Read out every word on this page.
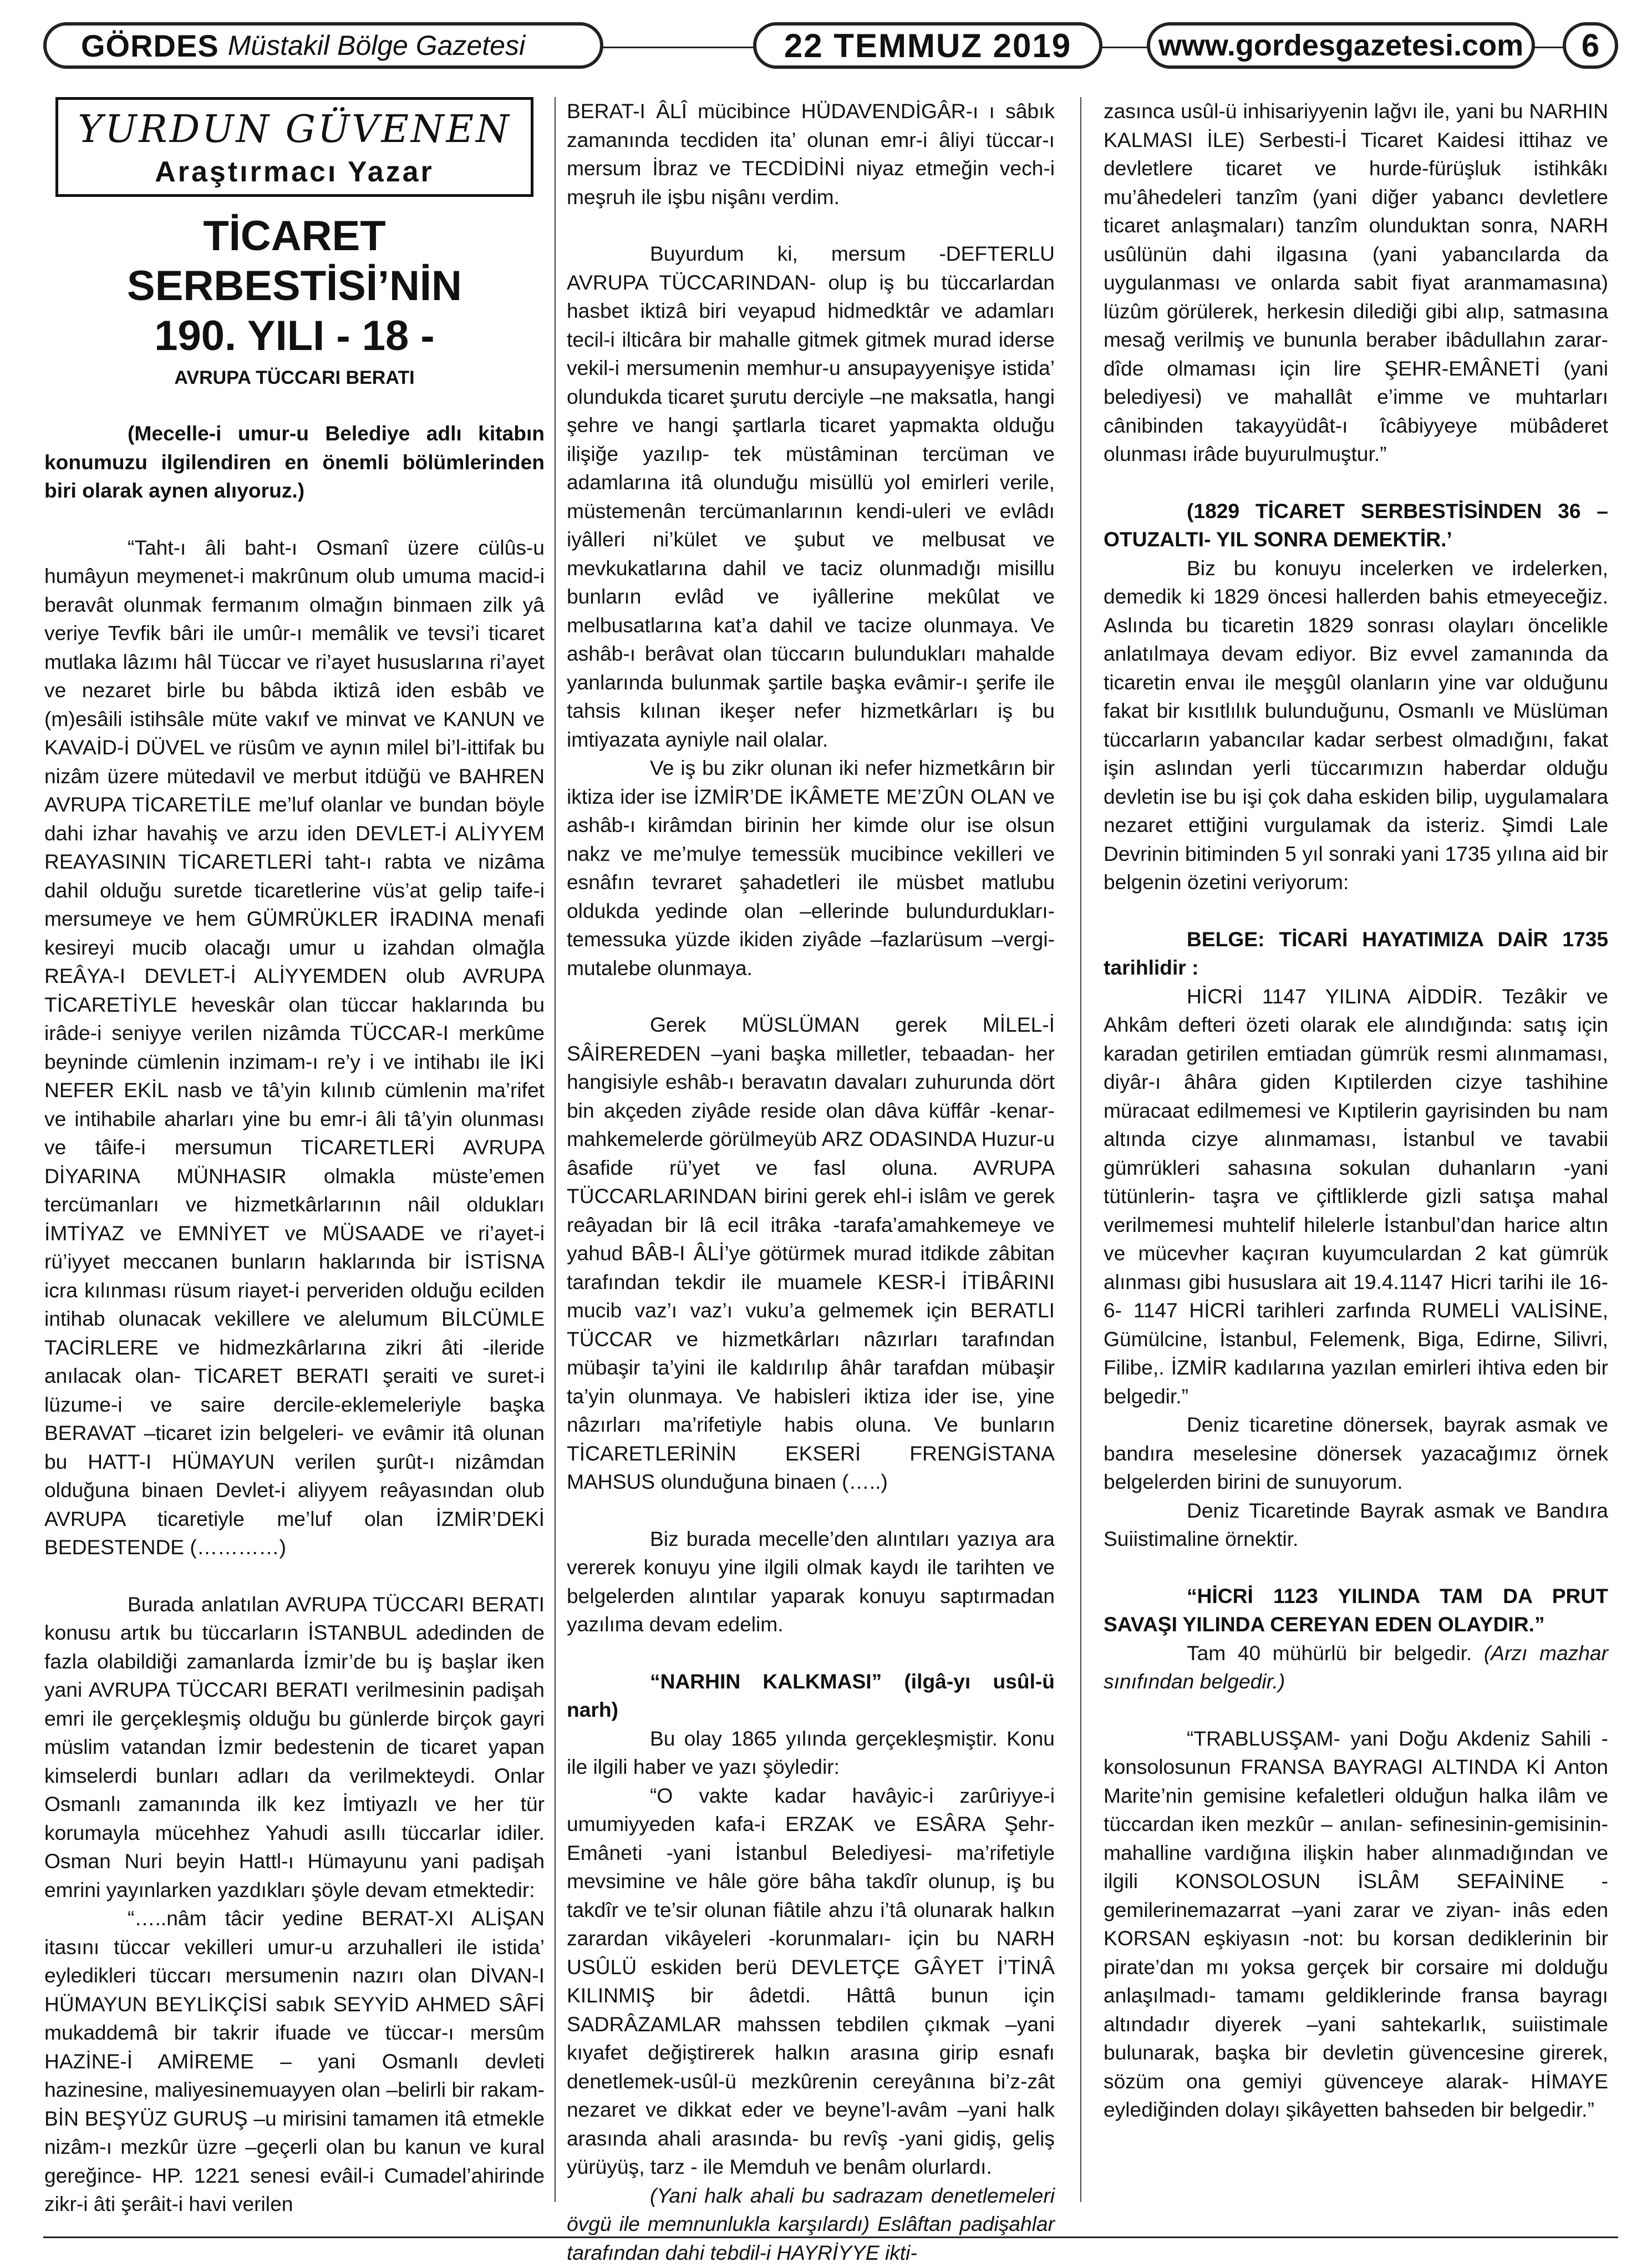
GÖRDES Müstakil Bölge Gazetesi	22 TEMMUZ 2019	www.gordesgazetesi.com 6
YURDUN GÜVENEN
Araştırmacı Yazar
TİCARET SERBESTİSİ’NİN
190. YILI - 18 -
AVRUPA TÜCCARI BERATI

(Mecelle-i umur-u Belediye adlı kitabın konumuzu ilgilendiren en önemli bölümlerinden biri olarak aynen alıyoruz.)

“Taht-ı âli baht-ı Osmanî üzere cülûs-u humâyun meymenet-i makrûnum olub umuma macid-i beravât olunmak fermanım olmağın binmaen zilk yâ veriye Tevfik bâri ile umûr-ı memâlik ve tevsi’i ticaret mutlaka lâzımı hâl Tüccar ve ri’ayet hususlarına ri’ayet ve nezaret birle bu bâbda iktizâ iden esbâb ve (m)esâili istihsâle müte vakıf ve minvat ve KANUN ve KAVAİD-İ DÜVEL ve rüsûm ve aynın milel bi’l-ittifak bu nizâm üzere mütedavil ve merbut itdüğü ve BAHREN AVRUPA TİCARETİLE me’luf olanlar ve bundan böyle dahi izhar havahiş ve arzu iden DEVLET-İ ALİYYEM REAYASININ TİCARETLERİ taht-ı rabta ve nizâma dahil olduğu suretde ticaretlerine vüs’at gelip taife-i mersumeye ve hem GÜMRÜKLER İRADINA menafi kesireyi mucib olacağı umur u izahdan olmağla REÂYA-I DEVLET-İ ALİYYEMDEN olub AVRUPA TİCARETİYLE heveskâr olan tüccar haklarında bu irâde-i seniyye verilen nizâmda TÜCCAR-I merkûme beyninde cümlenin inzimam-ı re’y i ve intihabı ile İKİ NEFER EKİL nasb ve tâ’yin kılınıb cümlenin ma’rifet ve intihabile aharları yine bu emr-i âli tâ’yin olunması ve tâife-i mersumun TİCARETLERİ AVRUPA DİYARINA MÜNHASIR olmakla müste’emen tercümanları ve hizmetkârlarının nâil oldukları İMTİYAZ ve EMNİYET ve MÜSAADE ve ri’ayet-i rü’iyyet meccanen bunların haklarında bir İSTİSNA icra kılınması rüsum riayet-i perveriden olduğu ecilden intihab olunacak vekillere ve alelumum BİLCÜMLE TACİRLERE ve hidmezkârlarına zikri âti -ileride anılacak olan- TİCARET BERATI şeraiti ve suret-i lüzume-i ve saire dercile-eklemeleriyle başka BERAVAT –ticaret izin belgeleri- ve evâmir itâ olunan bu HATT-I HÜMAYUN verilen şurût-ı nizâmdan olduğuna binaen Devlet-i aliyyem reâyasından olub AVRUPA ticaretiyle me’luf olan İZMİR’DEKİ BEDESTENDE (…………)

Burada anlatılan AVRUPA TÜCCARI BERATI konusu artık bu tüccarların İSTANBUL adedinden de fazla olabildiği zamanlarda İzmir’de bu iş başlar iken yani AVRUPA TÜCCARI BERATI verilmesinin padişah emri ile gerçekleşmiş olduğu bu günlerde birçok gayri müslim vatandan İzmir bedestenin de ticaret yapan kimselerdi bunları adları da verilmekteydi. Onlar Osmanlı zamanında ilk kez İmtiyazlı ve her tür korumayla mücehhez Yahudi asıllı tüccarlar idiler. Osman Nuri beyin Hattl-ı Hümayunu yani padişah emrini yayınlarken yazdıkları şöyle devam etmektedir:

“…..nâm tâcir yedine BERAT-XI ALİŞAN itasını tüccar vekilleri umur-u arzuhalleri ile istida’ eyledikleri tüccarı mersumenin nazırı olan DİVAN-I HÜMAYUN BEYLİKÇİSİ sabık SEYYİD AHMED SÂFİ mukaddemâ bir takrir ifuade ve tüccar-ı mersûm HAZİNE-İ AMİREME – yani Osmanlı devleti hazinesine, maliyesinemuayyen olan –belirli bir rakam- BİN BEŞYÜZ GURUŞ –u mirisini tamamen itâ etmekle nizâm-ı mezkûr üzre –geçerli olan bu kanun ve kural gereğince- HP. 1221 senesi evâil-i Cumadel’ahirinde zikr-i âti şerâit-i havi verilen

BERAT-I ÂLÎ mücibince HÜDAVENDİGÂR-ı ı sâbık zamanında tecdiden ita’ olunan emr-i âliyi tüccar-ı mersum İbraz ve TECDİDİNİ niyaz etmeğin vech-i meşruh ile işbu nişânı verdim.

Buyurdum ki, mersum -DEFTERLU AVRUPA TÜCCARINDAN- olup iş bu tüccarlardan hasbet iktizâ biri veyapud hidmedktâr ve adamları tecil-i ilticâra bir mahalle gitmek gitmek murad iderse vekil-i mersumenin memhur-u ansupayyenişye istida’ olundukda ticaret şurutu derciyle –ne maksatla, hangi şehre ve hangi şartlarla ticaret yapmakta olduğu ilişiğe yazılıp- tek müstâminan tercüman ve adamlarına itâ olunduğu misüllü yol emirleri verile, müstemenân tercümanlarının kendi-uleri ve evlâdı iyâlleri ni’kület ve şubut ve melbusat ve mevkukatlarına dahil ve taciz olunmadığı misillu bunların evlâd ve iyâllerine mekûlat ve melbusatlarına kat’a dahil ve tacize olunmaya. Ve ashâb-ı berâvat olan tüccarın bulundukları mahalde yanlarında bulunmak şartile başka evâmir-ı şerife ile tahsis kılınan ikeşer nefer hizmetkârları iş bu imtiyazata ayniyle nail olalar.

Ve iş bu zikr olunan iki nefer hizmetkârın bir iktiza ider ise İZMİR’DE İKÂMETE ME’ZÛN OLAN ve ashâb-ı kirâmdan birinin her kimde olur ise olsun nakz ve me’mulye temessük mucibince vekilleri ve esnâfın tevraret şahadetleri ile müsbet matlubu oldukda yedinde olan –ellerinde bulundurdukları- temessuka yüzde ikiden ziyâde –fazlarüsum –vergi- mutalebe olunmaya.

Gerek MÜSLÜMAN gerek MİLEL-İ SÂİREREDEN –yani başka milletler, tebaadan- her hangisiyle eshâb-ı beravatın davaları zuhurunda dört bin akçeden ziyâde reside olan dâva küffâr -kenar- mahkemelerde görülmeyüb ARZ ODASINDA Huzur-u âsafide rü’yet ve fasl oluna. AVRUPA TÜCCARLARINDAN birini gerek ehl-i islâm ve gerek reâyadan bir lâ ecil itrâka -tarafa’amahkemeye ve yahud BÂB-I ÂLİ’ye götürmek murad itdikde zâbitan tarafından tekdir ile muamele KESR-İ İTİBÂRINI mucib vaz’ı vaz’ı vuku’a gelmemek için BERATLI TÜCCAR ve hizmetkârları nâzırları tarafından mübaşir ta’yini ile kaldırılıp âhâr tarafdan mübaşir ta’yin olunmaya. Ve habisleri iktiza ider ise, yine nâzırları ma’rifetiyle habis oluna. Ve bunların TİCARETLERİNİN EKSERİ FRENGİSTANA MAHSUS olunduğuna binaen (…..)

Biz burada mecelle’den alıntıları yazıya ara vererek konuyu yine ilgili olmak kaydı ile tarihten ve belgelerden alıntılar yaparak konuyu saptırmadan yazılıma devam edelim.

“NARHIN KALKMASI” (ilgâ-yı usûl-ü narh)

Bu olay 1865 yılında gerçekleşmiştir. Konu ile ilgili haber ve yazı şöyledir:

“O vakte kadar havâyic-i zarûriyye-i umumiyyeden kafa-i ERZAK ve ESÂRA Şehr-Emâneti -yani İstanbul Belediyesi- ma’rifetiyle mevsimine ve hâle göre bâha takdîr olunup, iş bu takdîr ve te’sir olunan fiâtile ahzu i’tâ olunarak halkın zarardan vikâyeleri -korunmaları- için bu NARH USÛLÜ eskiden berü DEVLETÇE GÂYET İ’TİNÂ KILINMIŞ bir âdetdi. Hâttâ bunun için SADRÂZAMLAR mahssen tebdilen çıkmak –yani kıyafet değiştirerek halkın arasına girip esnafı denetlemek-usûl-ü mezkûrenin cereyânına bi’z-zât nezaret ve dikkat eder ve beyne’l-avâm –yani halk arasında ahali arasında- bu revîş -yani gidiş, geliş yürüyüş, tarz - ile Memduh ve benâm olurlardı.

(Yani halk ahali bu sadrazam denetlemeleri övgü ile memnunlukla karşılardı) Eslâftan padişahlar tarafından dahi tebdil-i HAYRİYYE ikti-

zasınca usûl-ü inhisariyyenin lağvı ile, yani bu NARHIN KALMASI İLE) Serbesti-İ Ticaret Kaidesi ittihaz ve devletlere ticaret ve hurde-fürüşluk istihkâkı mu’âhedeleri tanzîm (yani diğer yabancı devletlere ticaret anlaşmaları) tanzîm olunduktan sonra, NARH usûlünün dahi ilgasına (yani yabancılarda da uygulanması ve onlarda sabit fiyat aranmamasına) lüzûm görülerek, herkesin dilediği gibi alıp, satmasına mesağ verilmiş ve bununla beraber ibâdullahın zarar-dîde olmaması için lire ŞEHR-EMÂNETİ (yani belediyesi) ve mahallât e’imme ve muhtarları cânibinden takayyüdât-ı îcâbiyyeye mübâderet olunması irâde buyurulmuştur.”

(1829 TİCARET SERBESTİSİNDEN 36 –OTUZALTI- YIL SONRA DEMEKTİR.’

Biz bu konuyu incelerken ve irdelerken, demedik ki 1829 öncesi hallerden bahis etmeyeceğiz. Aslında bu ticaretin 1829 sonrası olayları öncelikle anlatılmaya devam ediyor. Biz evvel zamanında da ticaretin envaı ile meşgûl olanların yine var olduğunu fakat bir kısıtlılık bulunduğunu, Osmanlı ve Müslüman tüccarların yabancılar kadar serbest olmadığını, fakat işin aslından yerli tüccarımızın haberdar olduğu devletin ise bu işi çok daha eskiden bilip, uygulamalara nezaret ettiğini vurgulamak da isteriz. Şimdi Lale Devrinin bitiminden 5 yıl sonraki yani 1735 yılına aid bir belgenin özetini veriyorum:

BELGE: TİCARİ HAYATIMIZA DAİR 1735 tarihlidir :

HİCRİ 1147 YILINA AİDDİR. Tezâkir ve Ahkâm defteri özeti olarak ele alındığında: satış için karadan getirilen emtiadan gümrük resmi alınmaması, diyâr-ı âhâra giden Kıptilerden cizye tashihine müracaat edilmemesi ve Kıptilerin gayrisinden bu nam altında cizye alınmaması, İstanbul ve tavabii gümrükleri sahasına sokulan duhanların -yani tütünlerin- taşra ve çiftliklerde gizli satışa mahal verilmemesi muhtelif hilelerle İstanbul’dan harice altın ve mücevher kaçıran kuyumculardan 2 kat gümrük alınması gibi hususlara ait 19.4.1147 Hicri tarihi ile 16-6- 1147 HİCRİ tarihleri zarfında RUMELİ VALİSİNE, Gümülcine, İstanbul, Felemenk, Biga, Edirne, Silivri, Filibe,. İZMİR kadılarına yazılan emirleri ihtiva eden bir belgedir.”

Deniz ticaretine dönersek, bayrak asmak ve bandıra meselesine dönersek yazacağımız örnek belgelerden birini de sunuyorum.

Deniz Ticaretinde Bayrak asmak ve Bandıra Suiistimaline örnektir.

“HİCRİ 1123 YILINDA TAM DA PRUT SAVAŞI YILINDA CEREYAN EDEN OLAYDIR.”

Tam 40 mühürlü bir belgedir. (Arzı mazhar sınıfından belgedir.)

“TRABLUSŞAM- yani Doğu Akdeniz Sahili - konsolosunun FRANSA BAYRAGI ALTINDA Kİ Anton Marite’nin gemisine kefaletleri olduğun halka ilâm ve tüccardan iken mezkûr – anılan- sefinesinin-gemisinin- mahalline vardığına ilişkin haber alınmadığından ve ilgili KONSOLOSUN İSLÂM SEFAİNİNE -gemilerinemazarrat –yani zarar ve ziyan- inâs eden KORSAN eşkiyasın -not: bu korsan dediklerinin bir pirate’dan mı yoksa gerçek bir corsaire mi dolduğu anlaşılmadı- tamamı geldiklerinde fransa bayragı altındadır diyerek –yani sahtekarlık, suiistimale bulunarak, başka bir devletin güvencesine girerek, sözüm ona gemiyi güvenceye alarak- HİMAYE eylediğinden dolayı şikâyetten bahseden bir belgedir.”
